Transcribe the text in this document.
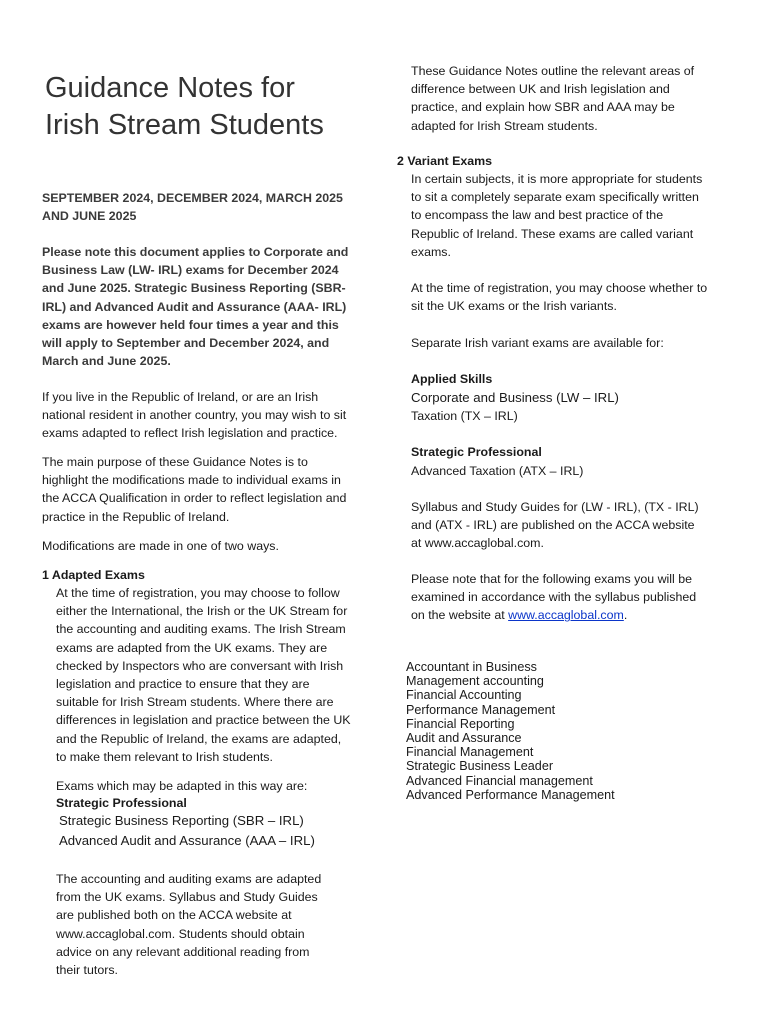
Guidance Notes for
Irish Stream Students
SEPTEMBER 2024, DECEMBER 2024, MARCH 2025
AND JUNE 2025
Please note this document applies to Corporate and
Business Law (LW- IRL) exams for December 2024
and June 2025. Strategic Business Reporting (SBR-
IRL) and Advanced Audit and Assurance (AAA- IRL)
exams are however held four times a year and this
will apply to September and December 2024, and
March and June 2025.
If you live in the Republic of Ireland, or are an Irish
national resident in another country, you may wish to sit
exams adapted to reflect Irish legislation and practice.
The main purpose of these Guidance Notes is to
highlight the modifications made to individual exams in
the ACCA Qualification in order to reflect legislation and
practice in the Republic of Ireland.
Modifications are made in one of two ways.
1 Adapted Exams
At the time of registration, you may choose to follow
either the International, the Irish or the UK Stream for
the accounting and auditing exams. The Irish Stream
exams are adapted from the UK exams. They are
checked by Inspectors who are conversant with Irish
legislation and practice to ensure that they are
suitable for Irish Stream students. Where there are
differences in legislation and practice between the UK
and the Republic of Ireland, the exams are adapted,
to make them relevant to Irish students.
Exams which may be adapted in this way are:
Strategic Professional
Strategic Business Reporting (SBR – IRL)
Advanced Audit and Assurance (AAA – IRL)
The accounting and auditing exams are adapted
from the UK exams. Syllabus and Study Guides
are published both on the ACCA website at
www.accaglobal.com. Students should obtain
advice on any relevant additional reading from
their tutors.
These Guidance Notes outline the relevant areas of
difference between UK and Irish legislation and
practice, and explain how SBR and AAA may be
adapted for Irish Stream students.
2 Variant Exams
In certain subjects, it is more appropriate for students
to sit a completely separate exam specifically written
to encompass the law and best practice of the
Republic of Ireland. These exams are called variant
exams.
At the time of registration, you may choose whether to
sit the UK exams or the Irish variants.
Separate Irish variant exams are available for:
Applied Skills
Corporate and Business (LW – IRL)
Taxation (TX – IRL)
Strategic Professional
Advanced Taxation (ATX – IRL)
Syllabus and Study Guides for (LW - IRL), (TX - IRL)
and (ATX - IRL) are published on the ACCA website
at www.accaglobal.com.
Please note that for the following exams you will be
examined in accordance with the syllabus published
on the website at www.accaglobal.com.
Accountant in Business
Management accounting
Financial Accounting
Performance Management
Financial Reporting
Audit and Assurance
Financial Management
Strategic Business Leader
Advanced Financial management
Advanced Performance Management
